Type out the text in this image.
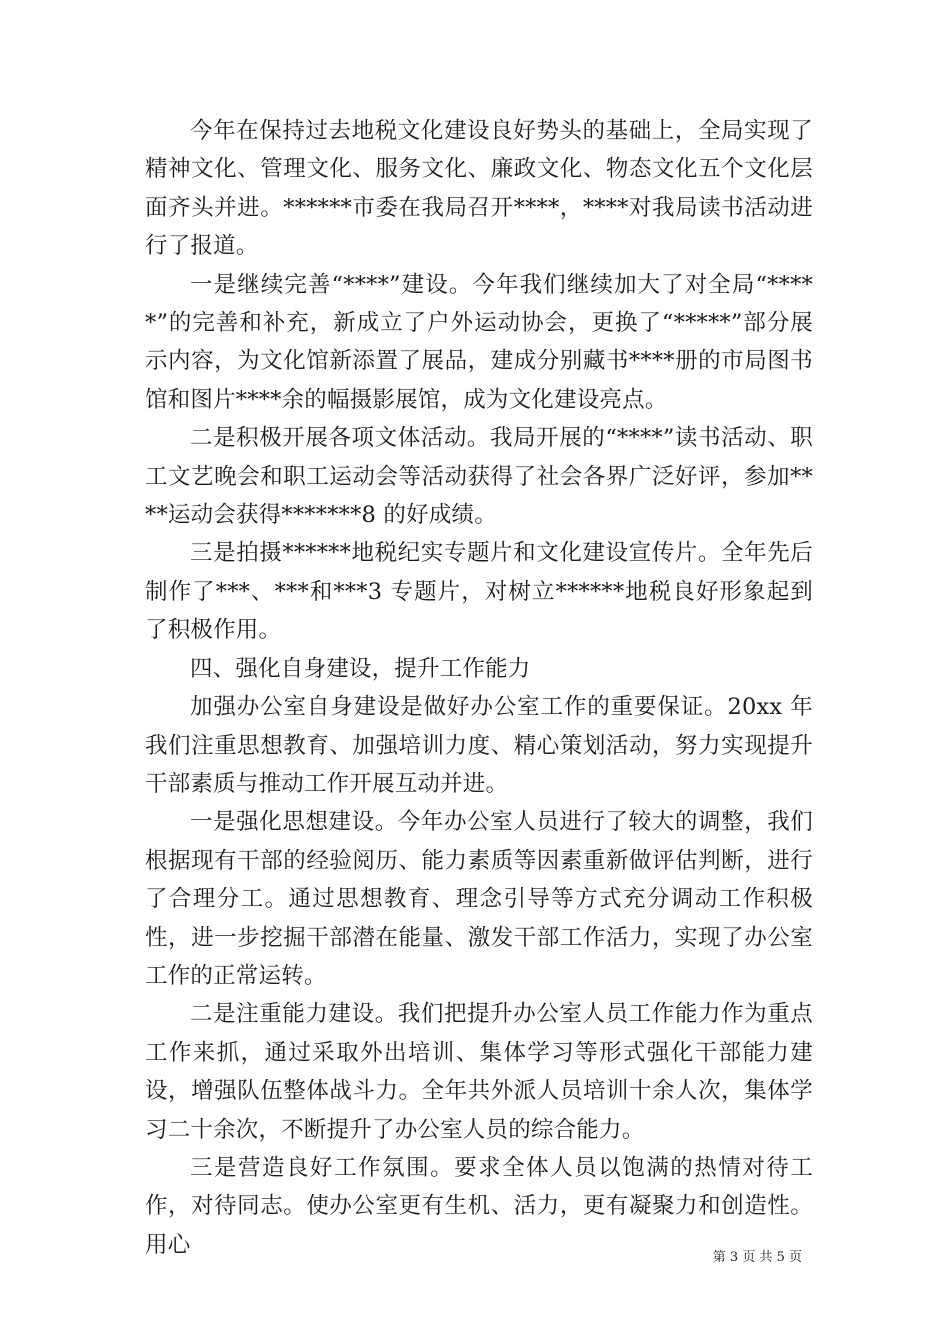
今年在保持过去地税文化建设良好势头的基础上，全局实现了精神文化、管理文化、服务文化、廉政文化、物态文化五个文化层面齐头并进。******市委在我局召开****，****对我局读书活动进行了报道。

一是继续完善“****”建设。今年我们继续加大了对全局“*****”的完善和补充，新成立了户外运动协会，更换了“*****”部分展示内容，为文化馆新添置了展品，建成分别藏书****册的市局图书馆和图片****余的幅摄影展馆，成为文化建设亮点。

二是积极开展各项文体活动。我局开展的“****”读书活动、职工文艺晚会和职工运动会等活动获得了社会各界广泛好评，参加****运动会获得*******8 的好成绩。

三是拍摄******地税纪实专题片和文化建设宣传片。全年先后制作了***、***和***3 专题片，对树立******地税良好形象起到了积极作用。

四、强化自身建设，提升工作能力

加强办公室自身建设是做好办公室工作的重要保证。20xx 年我们注重思想教育、加强培训力度、精心策划活动，努力实现提升干部素质与推动工作开展互动并进。

一是强化思想建设。今年办公室人员进行了较大的调整，我们根据现有干部的经验阅历、能力素质等因素重新做评估判断，进行了合理分工。通过思想教育、理念引导等方式充分调动工作积极性，进一步挖掘干部潜在能量、激发干部工作活力，实现了办公室工作的正常运转。

二是注重能力建设。我们把提升办公室人员工作能力作为重点工作来抓，通过采取外出培训、集体学习等形式强化干部能力建设，增强队伍整体战斗力。全年共外派人员培训十余人次，集体学习二十余次，不断提升了办公室人员的综合能力。

三是营造良好工作氛围。要求全体人员以饱满的热情对待工作，对待同志。使办公室更有生机、活力，更有凝聚力和创造性。用心	第 3 页 共 5 页
